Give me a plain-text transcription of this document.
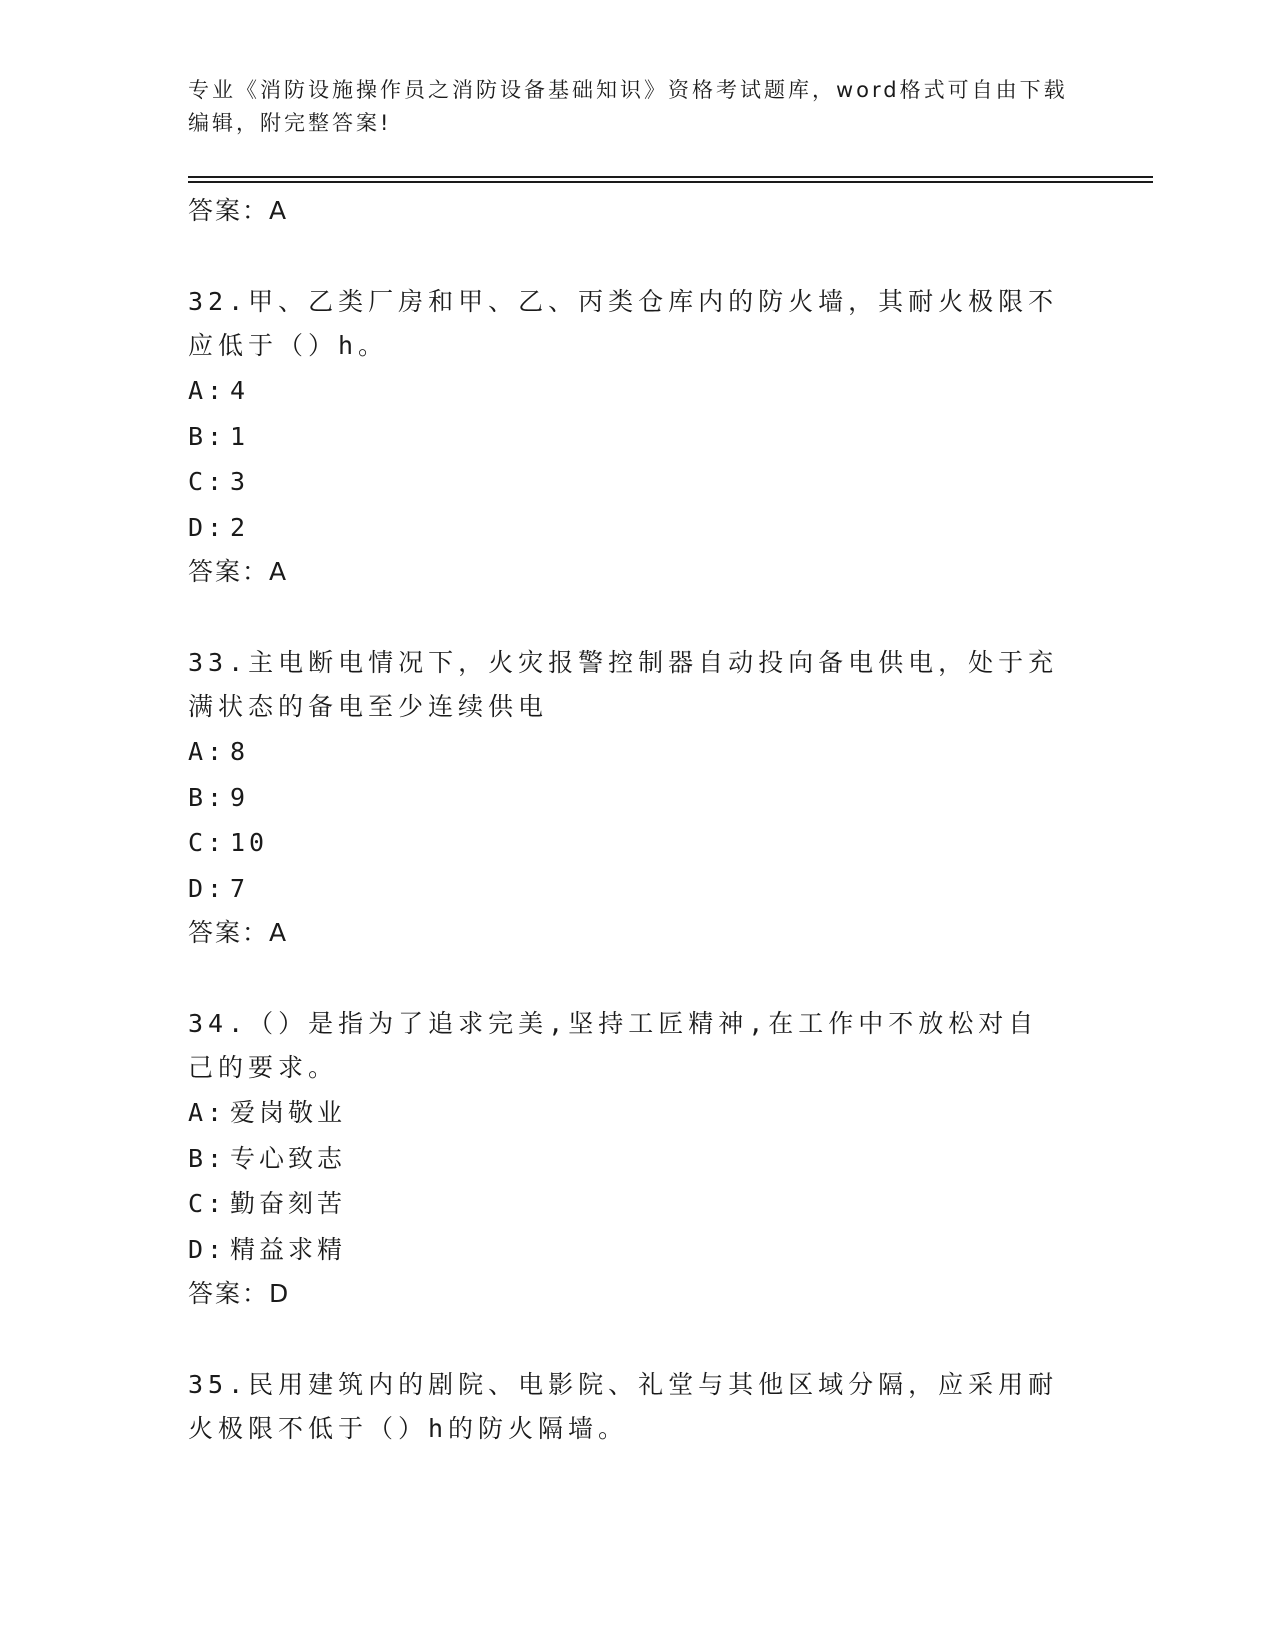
专业《消防设施操作员之消防设备基础知识》资格考试题库，word格式可自由下载编辑，附完整答案!

答案：A

32.甲、乙类厂房和甲、乙、丙类仓库内的防火墙，其耐火极限不应低于（）h。

A: 4

B: 1

C: 3

D: 2

答案：A

33.主电断电情况下，火灾报警控制器自动投向备电供电，处于充满状态的备电至少连续供电

A: 8

B: 9

C: 10

D: 7

答案：A

34.（）是指为了追求完美,坚持工匠精神,在工作中不放松对自己的要求。

A: 爱岗敬业

B: 专心致志

C: 勤奋刻苦

D: 精益求精

答案：D

35.民用建筑内的剧院、电影院、礼堂与其他区域分隔，应采用耐火极限不低于（）h的防火隔墙。
